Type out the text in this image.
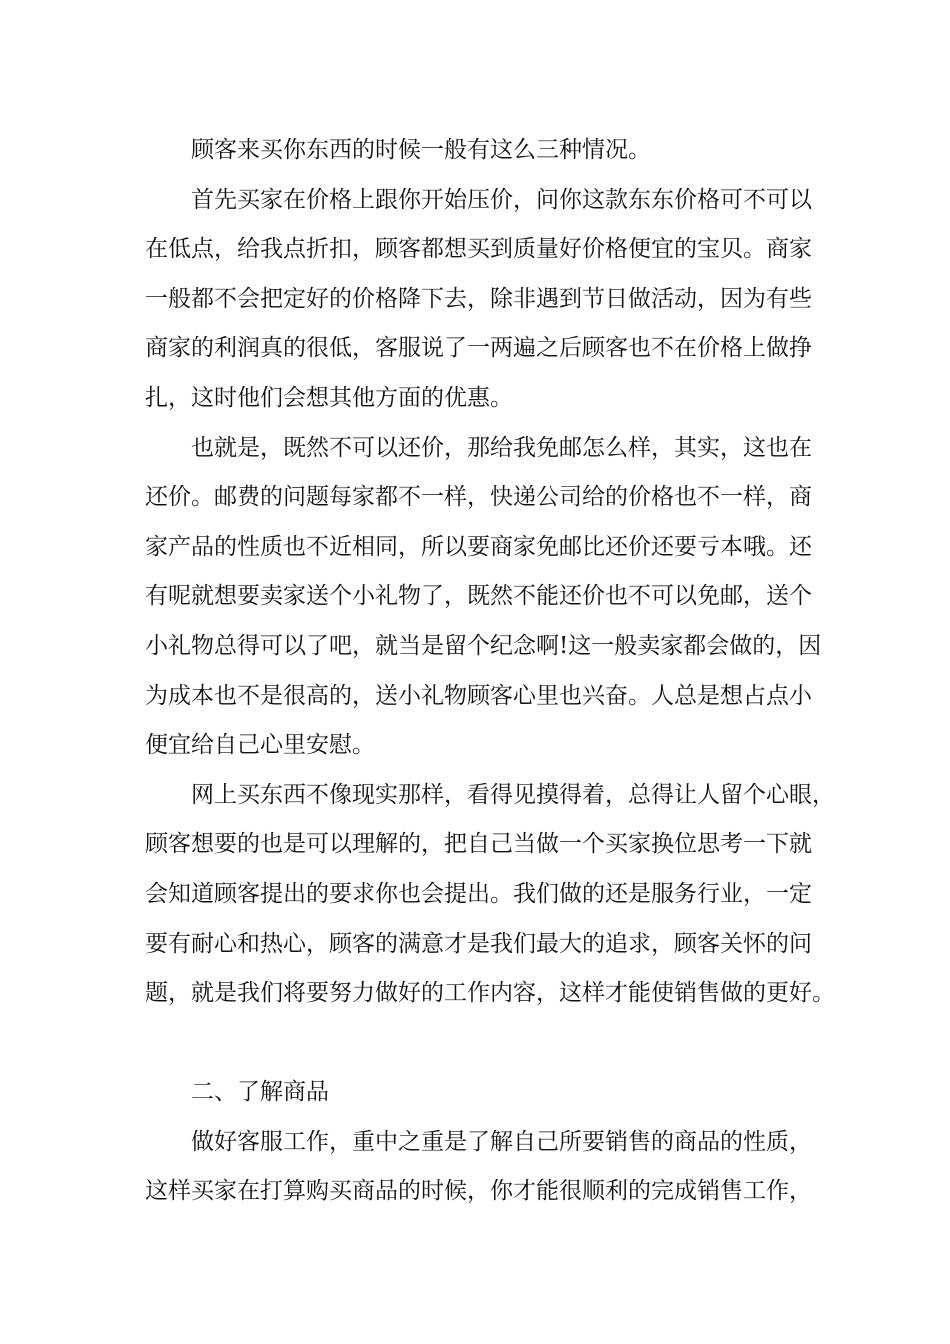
顾客来买你东西的时候一般有这么三种情况。
首先买家在价格上跟你开始压价，问你这款东东价格可不可以
在低点，给我点折扣，顾客都想买到质量好价格便宜的宝贝。商家
一般都不会把定好的价格降下去，除非遇到节日做活动，因为有些
商家的利润真的很低，客服说了一两遍之后顾客也不在价格上做挣
扎，这时他们会想其他方面的优惠。
也就是，既然不可以还价，那给我免邮怎么样，其实，这也在
还价。邮费的问题每家都不一样，快递公司给的价格也不一样，商
家产品的性质也不近相同，所以要商家免邮比还价还要亏本哦。还
有呢就想要卖家送个小礼物了，既然不能还价也不可以免邮，送个
小礼物总得可以了吧，就当是留个纪念啊!这一般卖家都会做的，因
为成本也不是很高的，送小礼物顾客心里也兴奋。人总是想占点小
便宜给自己心里安慰。
网上买东西不像现实那样，看得见摸得着，总得让人留个心眼，
顾客想要的也是可以理解的，把自己当做一个买家换位思考一下就
会知道顾客提出的要求你也会提出。我们做的还是服务行业，一定
要有耐心和热心，顾客的满意才是我们最大的追求，顾客关怀的问
题，就是我们将要努力做好的工作内容，这样才能使销售做的更好。
二、了解商品
做好客服工作，重中之重是了解自己所要销售的商品的性质，
这样买家在打算购买商品的时候，你才能很顺利的完成销售工作，
